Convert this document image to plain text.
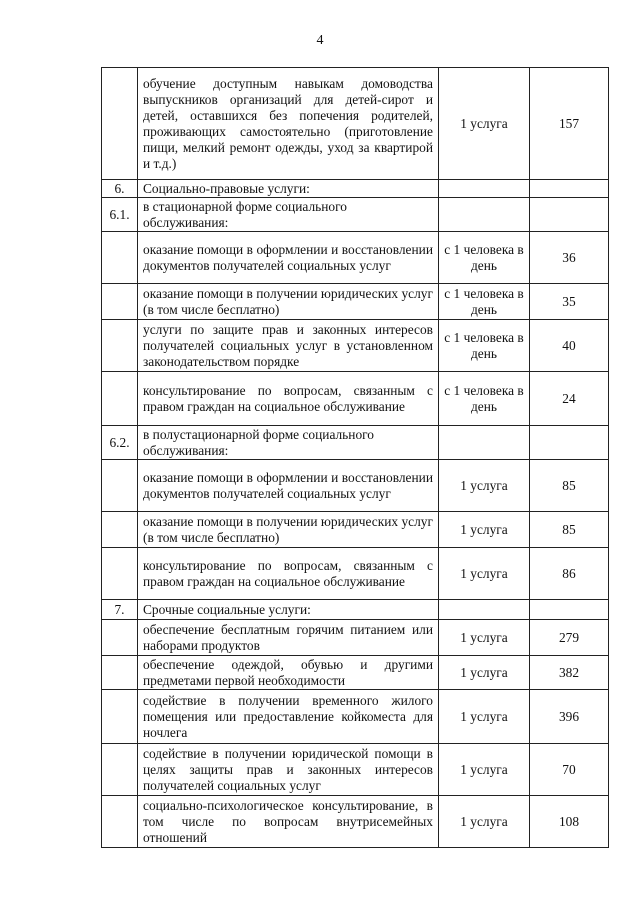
4
	обучение доступным навыкам домоводства выпускников организаций для детей-сирот и детей, оставшихся без попечения родителей, проживающих самостоятельно (приготовление пищи, мелкий ремонт одежды, уход за квартирой и т.д.)	1 услуга	157
6.	Социально-правовые услуги:		
6.1.	в стационарной форме социального обслуживания:		
	оказание помощи в оформлении и восстановлении документов получателей социальных услуг	с 1 человека в день	36
	оказание помощи в получении юридических услуг (в том числе бесплатно)	с 1 человека в день	35
	услуги по защите прав и законных интересов получателей социальных услуг в установленном законодательством порядке	с 1 человека в день	40
	консультирование по вопросам, связанным с правом граждан на социальное обслуживание	с 1 человека в день	24
6.2.	в полустационарной форме социального обслуживания:		
	оказание помощи в оформлении и восстановлении документов получателей социальных услуг	1 услуга	85
	оказание помощи в получении юридических услуг (в том числе бесплатно)	1 услуга	85
	консультирование по вопросам, связанным с правом граждан на социальное обслуживание	1 услуга	86
7.	Срочные социальные услуги:		
	обеспечение бесплатным горячим питанием или наборами продуктов	1 услуга	279
	обеспечение одеждой, обувью и другими предметами первой необходимости	1 услуга	382
	содействие в получении временного жилого помещения или предоставление койкоместа для ночлега	1 услуга	396
	содействие в получении юридической помощи в целях защиты прав и законных интересов получателей социальных услуг	1 услуга	70
	социально-психологическое консультирование, в том числе по вопросам внутрисемейных отношений	1 услуга	108
